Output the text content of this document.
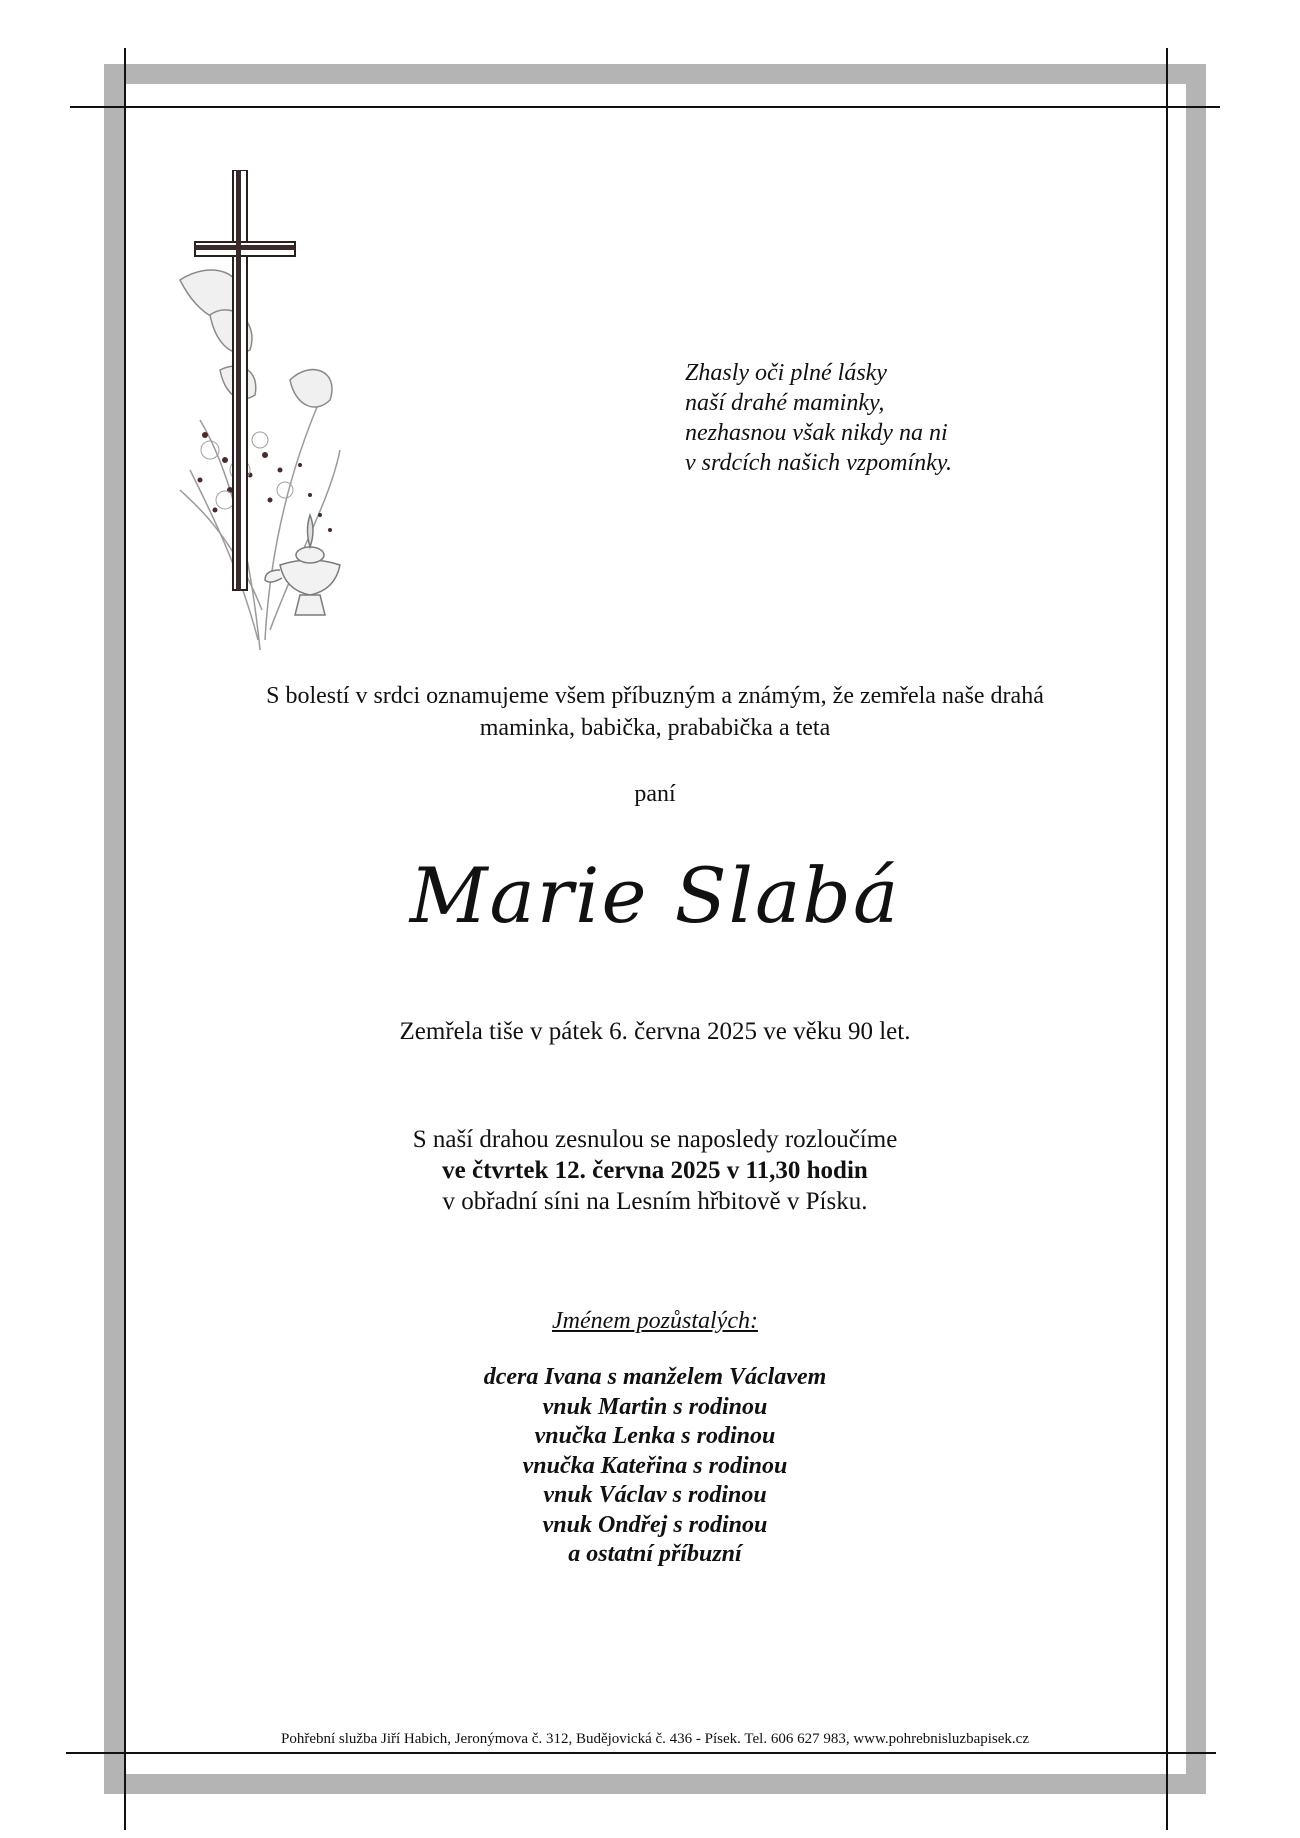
Zhasly oči plné lásky
naší drahé maminky,
nezhasnou však nikdy na ni
v srdcích našich vzpomínky.
S bolestí v srdci oznamujeme všem příbuzným a známým, že zemřela naše drahá
maminka, babička, prababička a teta
paní
Marie Slabá
Zemřela tiše v pátek 6. června 2025 ve věku 90 let.
S naší drahou zesnulou se naposledy rozloučíme
ve čtvrtek 12. června 2025 v 11,30 hodin
v obřadní síni na Lesním hřbitově v Písku.
Jménem pozůstalých:
dcera Ivana s manželem Václavem
vnuk Martin s rodinou
vnučka Lenka s rodinou
vnučka Kateřina s rodinou
vnuk Václav s rodinou
vnuk Ondřej s rodinou
a ostatní příbuzní
Pohřební služba Jiří Habich, Jeronýmova č. 312, Budějovická č. 436 - Písek. Tel. 606 627 983, www.pohrebnisluzbapisek.cz
